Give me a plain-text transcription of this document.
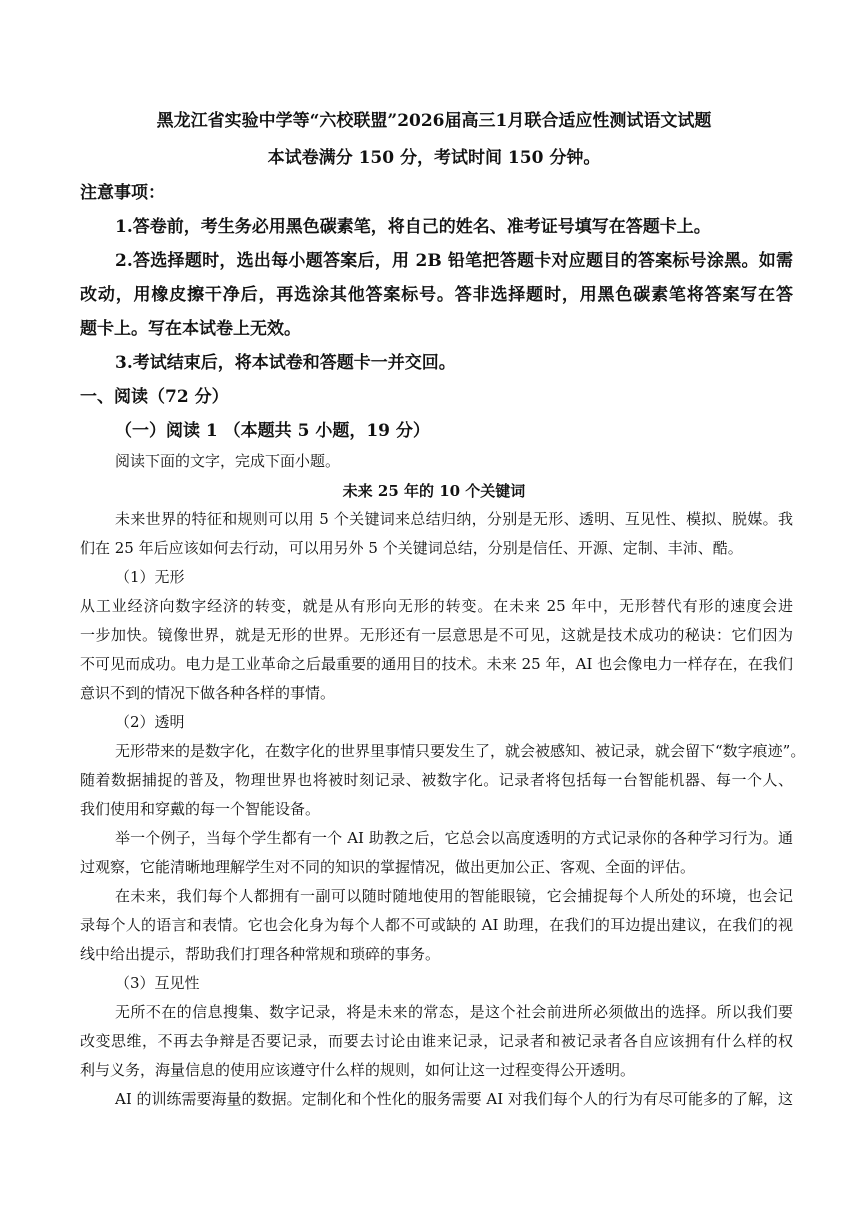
黑龙江省实验中学等“六校联盟”2026届高三1月联合适应性测试语文试题
本试卷满分 150 分，考试时间 150 分钟。
注意事项：
1.答卷前，考生务必用黑色碳素笔，将自己的姓名、准考证号填写在答题卡上。
2.答选择题时，选出每小题答案后，用 2B 铅笔把答题卡对应题目的答案标号涂黑。如需
改动，用橡皮擦干净后，再选涂其他答案标号。答非选择题时，用黑色碳素笔将答案写在答
题卡上。写在本试卷上无效。
3.考试结束后，将本试卷和答题卡一并交回。
一、阅读（72 分）
（一）阅读 1 （本题共 5 小题，19 分）
阅读下面的文字，完成下面小题。
未来 25 年的 10 个关键词
未来世界的特征和规则可以用 5 个关键词来总结归纳，分别是无形、透明、互见性、模拟、脱媒。我
们在 25 年后应该如何去行动，可以用另外 5 个关键词总结，分别是信任、开源、定制、丰沛、酷。
（1）无形
从工业经济向数字经济的转变，就是从有形向无形的转变。在未来 25 年中，无形替代有形的速度会进
一步加快。镜像世界，就是无形的世界。无形还有一层意思是不可见，这就是技术成功的秘诀：它们因为
不可见而成功。电力是工业革命之后最重要的通用目的技术。未来 25 年，AI 也会像电力一样存在，在我们
意识不到的情况下做各种各样的事情。
（2）透明
无形带来的是数字化，在数字化的世界里事情只要发生了，就会被感知、被记录，就会留下“数字痕迹”。
随着数据捕捉的普及，物理世界也将被时刻记录、被数字化。记录者将包括每一台智能机器、每一个人、
我们使用和穿戴的每一个智能设备。
举一个例子，当每个学生都有一个 AI 助教之后，它总会以高度透明的方式记录你的各种学习行为。通
过观察，它能清晰地理解学生对不同的知识的掌握情况，做出更加公正、客观、全面的评估。
在未来，我们每个人都拥有一副可以随时随地使用的智能眼镜，它会捕捉每个人所处的环境，也会记
录每个人的语言和表情。它也会化身为每个人都不可或缺的 AI 助理，在我们的耳边提出建议，在我们的视
线中给出提示，帮助我们打理各种常规和琐碎的事务。
（3）互见性
无所不在的信息搜集、数字记录，将是未来的常态，是这个社会前进所必须做出的选择。所以我们要
改变思维，不再去争辩是否要记录，而要去讨论由谁来记录，记录者和被记录者各自应该拥有什么样的权
利与义务，海量信息的使用应该遵守什么样的规则，如何让这一过程变得公开透明。
AI 的训练需要海量的数据。定制化和个性化的服务需要 AI 对我们每个人的行为有尽可能多的了解，这
